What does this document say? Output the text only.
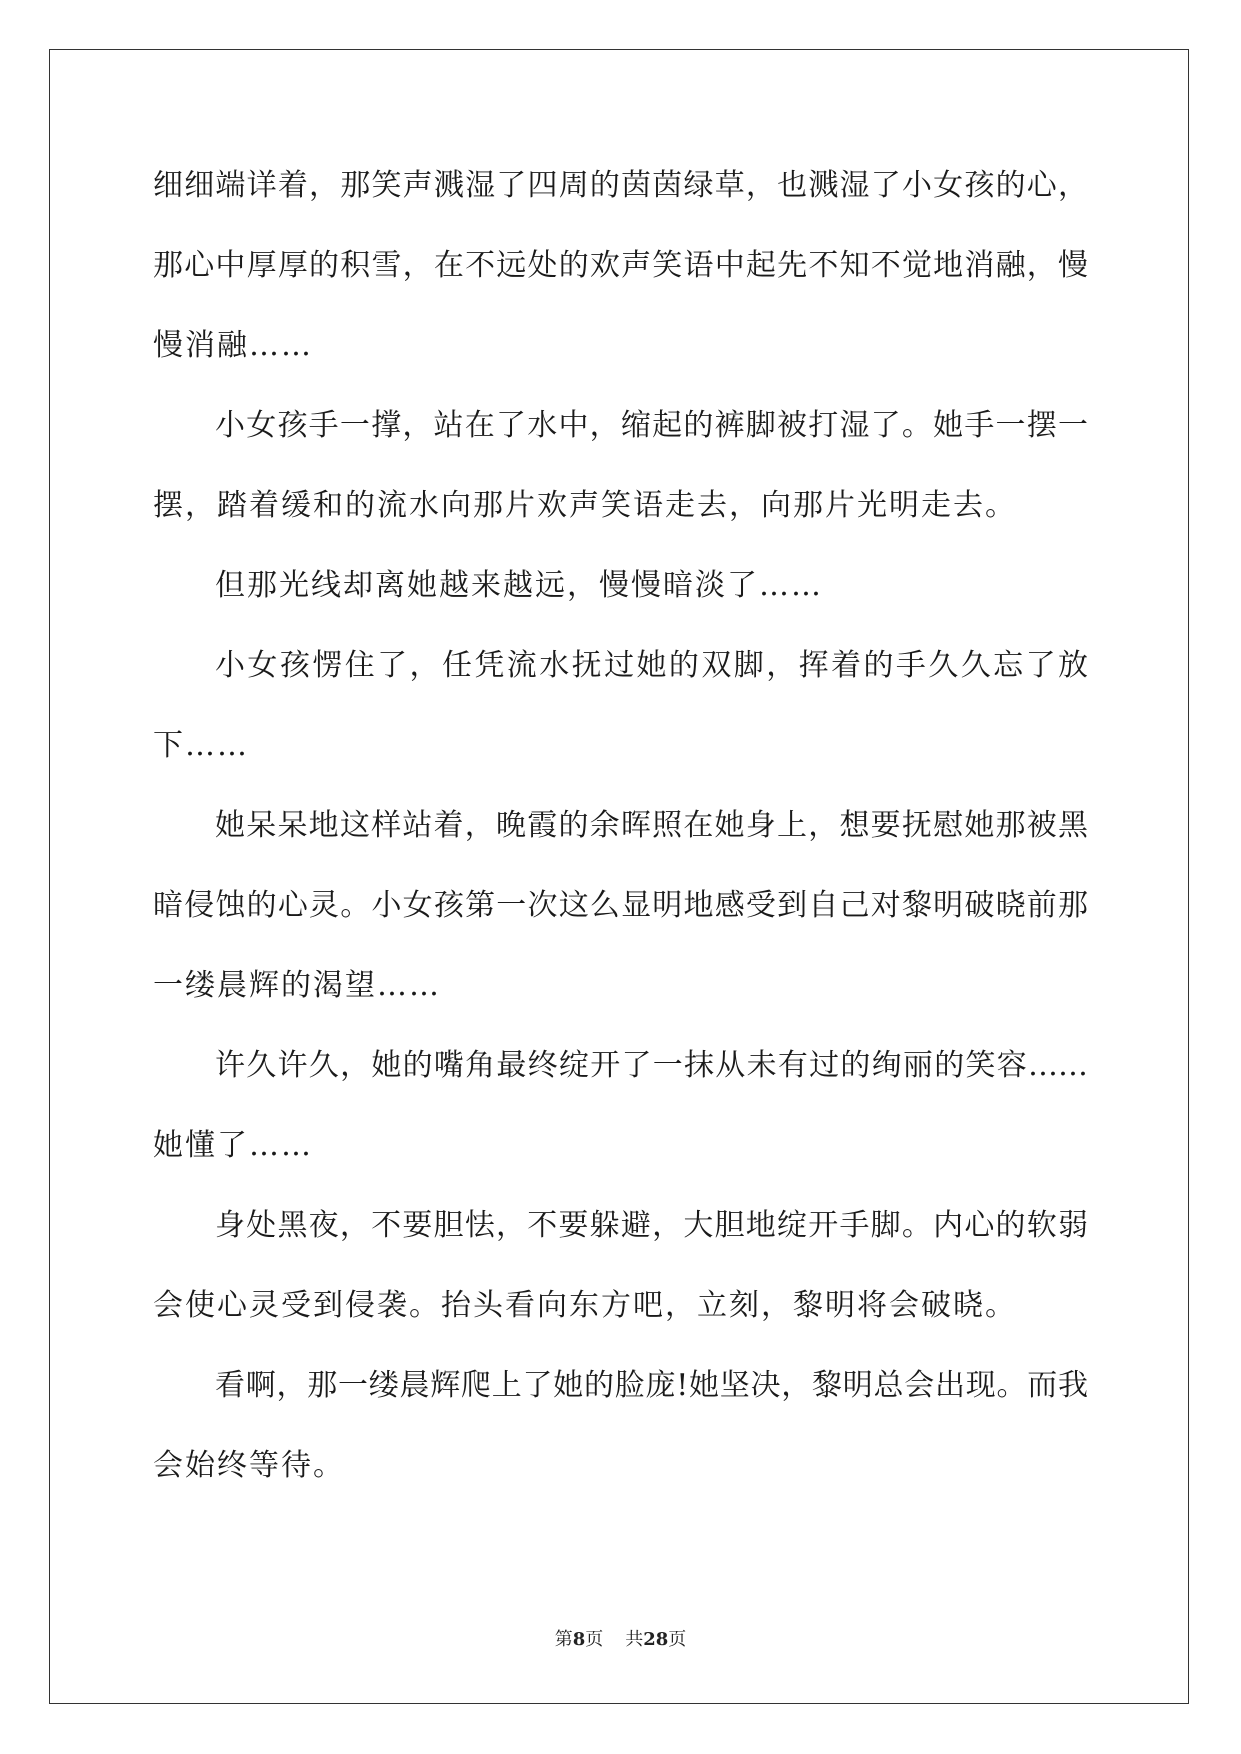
细细端详着，那笑声溅湿了四周的茵茵绿草，也溅湿了小女孩的心，
那心中厚厚的积雪，在不远处的欢声笑语中起先不知不觉地消融，慢
慢消融……
小女孩手一撑，站在了水中，缩起的裤脚被打湿了。她手一摆一
摆，踏着缓和的流水向那片欢声笑语走去，向那片光明走去。
但那光线却离她越来越远，慢慢暗淡了……
小女孩愣住了，任凭流水抚过她的双脚，挥着的手久久忘了放
下……
她呆呆地这样站着，晚霞的余晖照在她身上，想要抚慰她那被黑
暗侵蚀的心灵。小女孩第一次这么显明地感受到自己对黎明破晓前那
一缕晨辉的渴望……
许久许久，她的嘴角最终绽开了一抹从未有过的绚丽的笑容……
她懂了……
身处黑夜，不要胆怯，不要躲避，大胆地绽开手脚。内心的软弱
会使心灵受到侵袭。抬头看向东方吧，立刻，黎明将会破晓。
看啊，那一缕晨辉爬上了她的脸庞!她坚决，黎明总会出现。而我
会始终等待。
第8页 共28页
